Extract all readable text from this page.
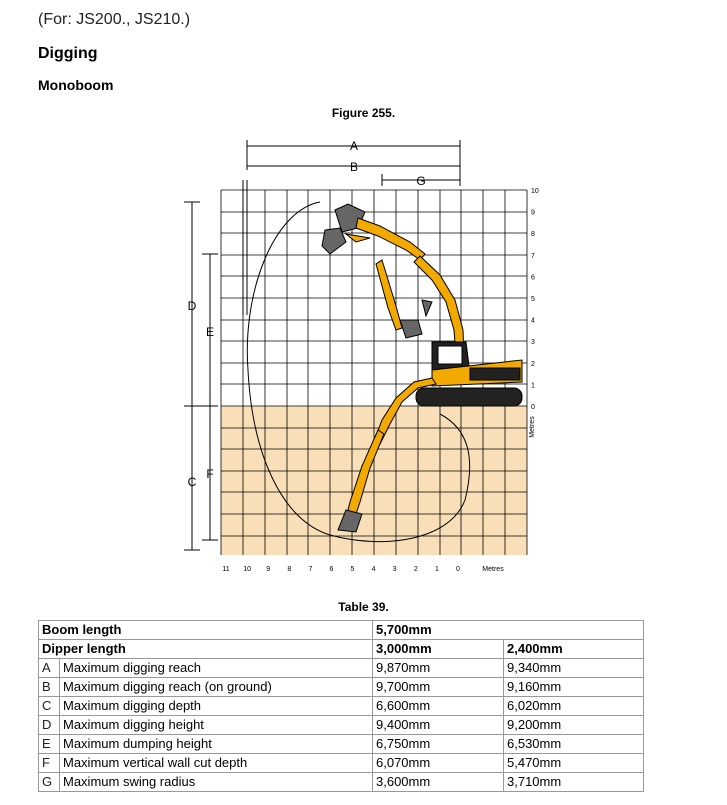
(For: JS200., JS210.)
Digging
Monoboom
Figure 255.
A
B
G
D
E
C
F
11 10 9 8 7 6 5 4 3 2 1 0
10
9
8
7
6
5
4
3
2
1
0
Metres
Metres
Table 39.
Boom length		5,700mm	
Dipper length		3,000mm	2,400mm
A	Maximum digging reach	9,870mm	9,340mm
B	Maximum digging reach (on ground)	9,700mm	9,160mm
C	Maximum digging depth	6,600mm	6,020mm
D	Maximum digging height	9,400mm	9,200mm
E	Maximum dumping height	6,750mm	6,530mm
F	Maximum vertical wall cut depth	6,070mm	5,470mm
G	Maximum swing radius	3,600mm	3,710mm
